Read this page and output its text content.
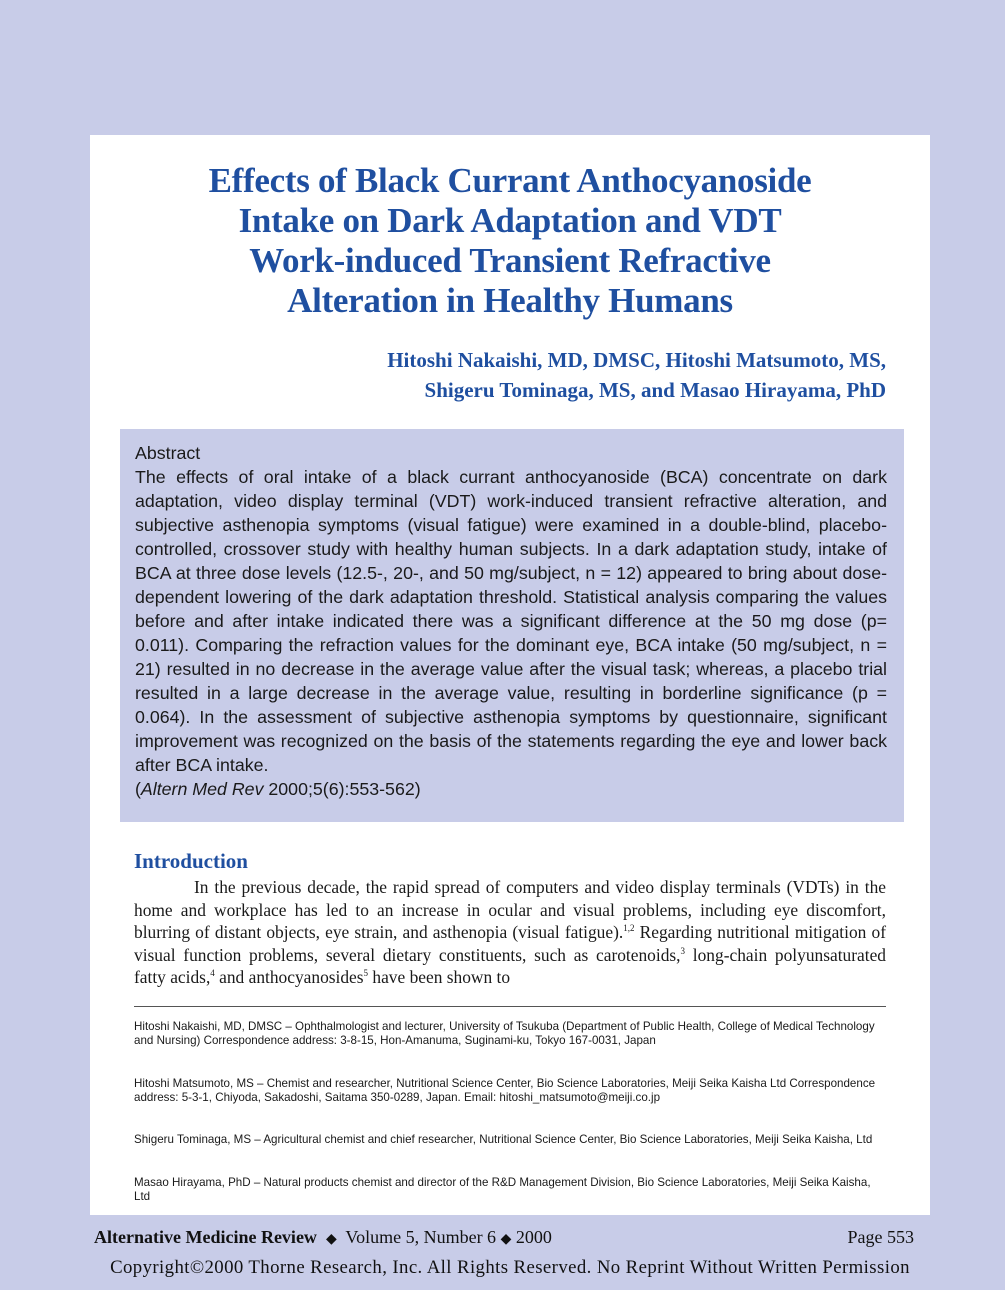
Effects of Black Currant Anthocyanoside
Intake on Dark Adaptation and VDT
Work-induced Transient Refractive
Alteration in Healthy Humans
Hitoshi Nakaishi, MD, DMSC, Hitoshi Matsumoto, MS,
Shigeru Tominaga, MS, and Masao Hirayama, PhD
Abstract
The effects of oral intake of a black currant anthocyanoside (BCA) concentrate on dark adaptation, video display terminal (VDT) work-induced transient refractive alteration, and subjective asthenopia symptoms (visual fatigue) were examined in a double-blind, placebo-controlled, crossover study with healthy human subjects. In a dark adaptation study, intake of BCA at three dose levels (12.5-, 20-, and 50 mg/subject, n = 12) appeared to bring about dose-dependent lowering of the dark adaptation threshold. Statistical analysis comparing the values before and after intake indicated there was a significant difference at the 50 mg dose (p= 0.011). Comparing the refraction values for the dominant eye, BCA intake (50 mg/subject, n = 21) resulted in no decrease in the average value after the visual task; whereas, a placebo trial resulted in a large decrease in the average value, resulting in borderline significance (p = 0.064). In the assessment of subjective asthenopia symptoms by questionnaire, significant improvement was recognized on the basis of the statements regarding the eye and lower back after BCA intake.
(Altern Med Rev 2000;5(6):553-562)
Introduction

In the previous decade, the rapid spread of computers and video display terminals (VDTs) in the home and workplace has led to an increase in ocular and visual problems, including eye discomfort, blurring of distant objects, eye strain, and asthenopia (visual fatigue).$^{1,2}$ Regarding nutritional mitigation of visual function problems, several dietary constituents, such as carotenoids,$^3$ long-chain polyunsaturated fatty acids,$^4$ and anthocyanosides$^5$ have been shown to

Hitoshi Nakaishi, MD, DMSC – Ophthalmologist and lecturer, University of Tsukuba (Department of Public Health, College of Medical Technology and Nursing) Correspondence address: 3-8-15, Hon-Amanuma, Suginami-ku, Tokyo 167-0031, Japan
Hitoshi Matsumoto, MS – Chemist and researcher, Nutritional Science Center, Bio Science Laboratories, Meiji Seika Kaisha Ltd Correspondence address: 5-3-1, Chiyoda, Sakadoshi, Saitama 350-0289, Japan. Email: hitoshi_matsumoto@meiji.co.jp
Shigeru Tominaga, MS – Agricultural chemist and chief researcher, Nutritional Science Center, Bio Science Laboratories, Meiji Seika Kaisha, Ltd
Masao Hirayama, PhD – Natural products chemist and director of the R&D Management Division, Bio Science Laboratories, Meiji Seika Kaisha, Ltd
Alternative Medicine Review ◆ Volume 5, Number 6 ◆ 2000	Page 553
Copyright©2000 Thorne Research, Inc. All Rights Reserved. No Reprint Without Written Permission
